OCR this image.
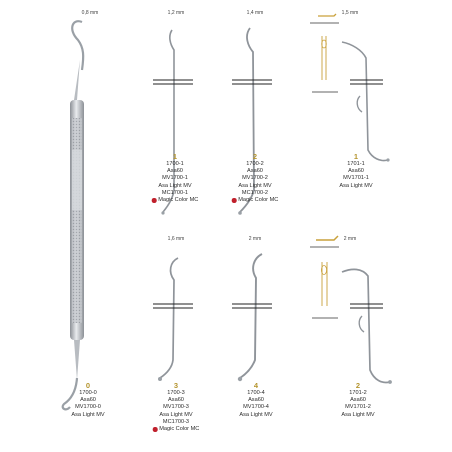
0,8 mm	1,2 mm	1,4 mm	1,5 mm
1,6 mm	2 mm	2 mm
1
1700-1
Asa60
MV1700-1
Asa Light MV
MC1700-1
Magic Color MC
2
1700-2
Asa60
MV1700-2
Asa Light MV
MC1700-2
Magic Color MC
1
1701-1
Asa60
MV1701-1
Asa Light MV
0
1700-0
Asa60
MV1700-0
Asa Light MV
3
1700-3
Asa60
MV1700-3
Asa Light MV
MC1700-3
Magic Color MC
4
1700-4
Asa60
MV1700-4
Asa Light MV
2
1701-2
Asa60
MV1701-2
Asa Light MV
